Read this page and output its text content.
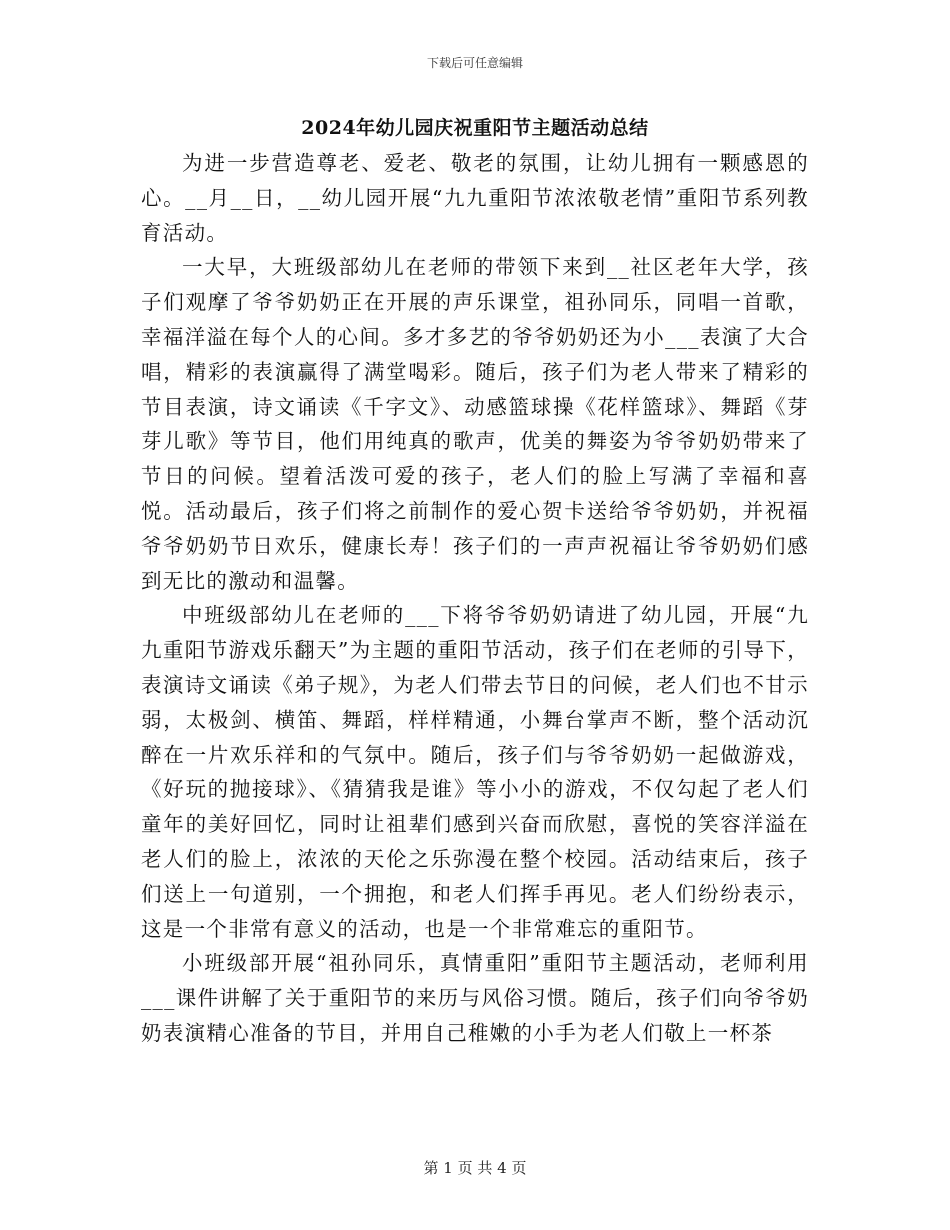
下载后可任意编辑
2024年幼儿园庆祝重阳节主题活动总结

为进一步营造尊老、爱老、敬老的氛围，让幼儿拥有一颗感恩的心。__月__日，__幼儿园开展“九九重阳节浓浓敬老情”重阳节系列教育活动。

一大早，大班级部幼儿在老师的带领下来到__社区老年大学，孩子们观摩了爷爷奶奶正在开展的声乐课堂，祖孙同乐，同唱一首歌，幸福洋溢在每个人的心间。多才多艺的爷爷奶奶还为小___表演了大合唱，精彩的表演赢得了满堂喝彩。随后，孩子们为老人带来了精彩的节目表演，诗文诵读《千字文》、动感篮球操《花样篮球》、舞蹈《芽芽儿歌》等节目，他们用纯真的歌声，优美的舞姿为爷爷奶奶带来了节日的问候。望着活泼可爱的孩子，老人们的脸上写满了幸福和喜悦。活动最后，孩子们将之前制作的爱心贺卡送给爷爷奶奶，并祝福爷爷奶奶节日欢乐，健康长寿！孩子们的一声声祝福让爷爷奶奶们感到无比的激动和温馨。

中班级部幼儿在老师的___下将爷爷奶奶请进了幼儿园，开展“九九重阳节游戏乐翻天”为主题的重阳节活动，孩子们在老师的引导下，表演诗文诵读《弟子规》，为老人们带去节日的问候，老人们也不甘示弱，太极剑、横笛、舞蹈，样样精通，小舞台掌声不断，整个活动沉醉在一片欢乐祥和的气氛中。随后，孩子们与爷爷奶奶一起做游戏，《好玩的抛接球》、《猜猜我是谁》等小小的游戏，不仅勾起了老人们童年的美好回忆，同时让祖辈们感到兴奋而欣慰，喜悦的笑容洋溢在老人们的脸上，浓浓的天伦之乐弥漫在整个校园。活动结束后，孩子们送上一句道别，一个拥抱，和老人们挥手再见。老人们纷纷表示，这是一个非常有意义的活动，也是一个非常难忘的重阳节。

小班级部开展“祖孙同乐，真情重阳”重阳节主题活动，老师利用___课件讲解了关于重阳节的来历与风俗习惯。随后，孩子们向爷爷奶奶表演精心准备的节目，并用自己稚嫩的小手为老人们敬上一杯茶

第 1 页 共 4 页
